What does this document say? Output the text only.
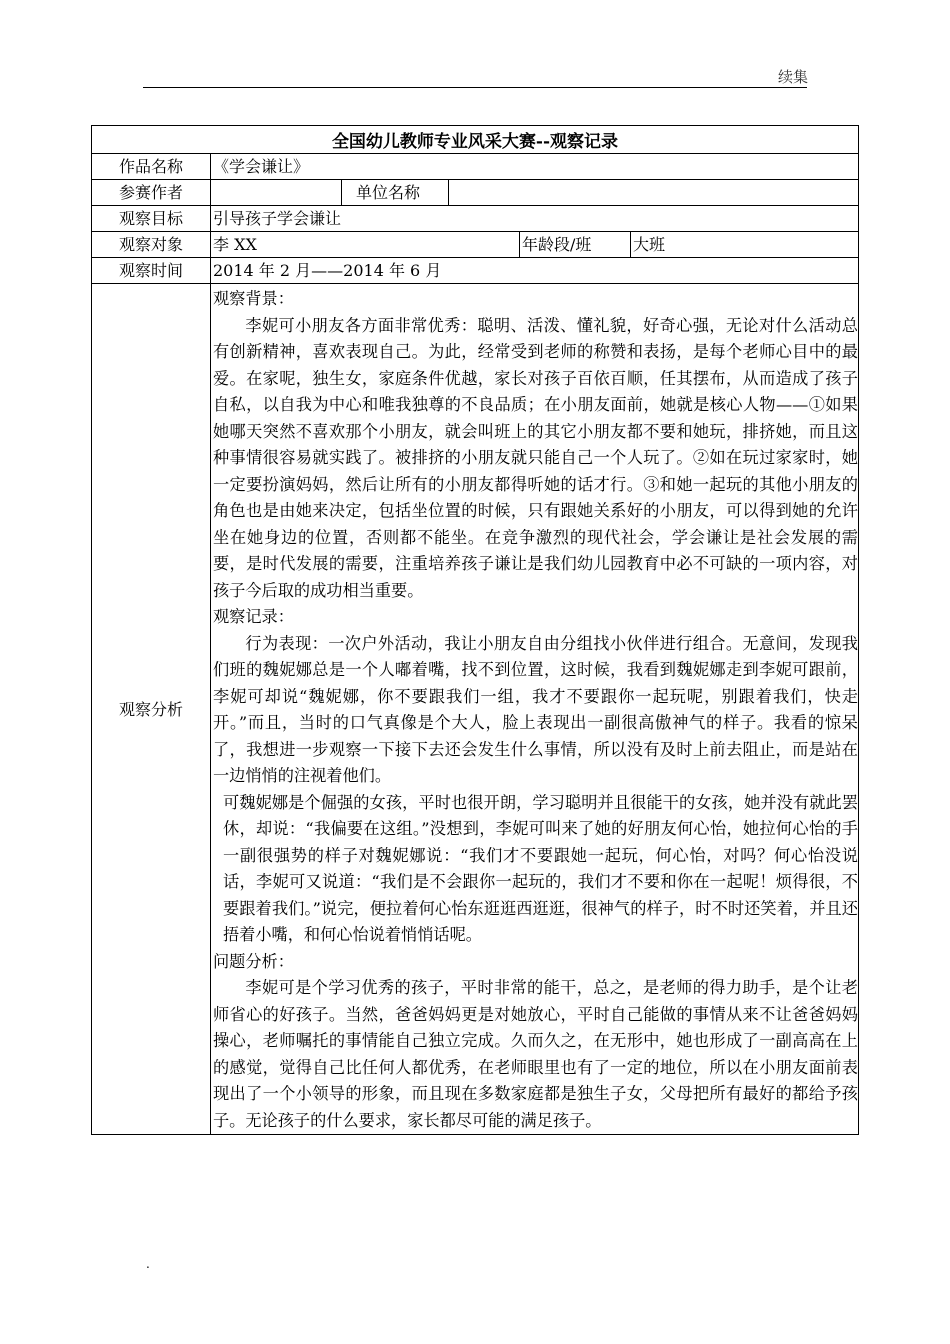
续集
全国幼儿教师专业风采大赛--观察记录
作品名称	《学会谦让》
参赛作者	单位名称
观察目标	引导孩子学会谦让
观察对象	李 XX	年龄段/班	大班
观察时间	2014 年 2 月——2014 年 6 月
观察分析

观察背景：

李妮可小朋友各方面非常优秀：聪明、活泼、懂礼貌，好奇心强，无论对什么活动总有创新精神，喜欢表现自己。为此，经常受到老师的称赞和表扬，是每个老师心目中的最爱。在家呢，独生女，家庭条件优越，家长对孩子百依百顺，任其摆布，从而造成了孩子自私，以自我为中心和唯我独尊的不良品质；在小朋友面前，她就是核心人物——①如果她哪天突然不喜欢那个小朋友，就会叫班上的其它小朋友都不要和她玩，排挤她，而且这种事情很容易就实践了。被排挤的小朋友就只能自己一个人玩了。②如在玩过家家时，她一定要扮演妈妈，然后让所有的小朋友都得听她的话才行。③和她一起玩的其他小朋友的角色也是由她来决定，包括坐位置的时候，只有跟她关系好的小朋友，可以得到她的允许坐在她身边的位置，否则都不能坐。在竞争激烈的现代社会，学会谦让是社会发展的需要，是时代发展的需要，注重培养孩子谦让是我们幼儿园教育中必不可缺的一项内容，对孩子今后取的成功相当重要。

观察记录：

行为表现：一次户外活动，我让小朋友自由分组找小伙伴进行组合。无意间，发现我们班的魏妮娜总是一个人嘟着嘴，找不到位置，这时候，我看到魏妮娜走到李妮可跟前，李妮可却说“魏妮娜，你不要跟我们一组，我才不要跟你一起玩呢，别跟着我们，快走开。”而且，当时的口气真像是个大人，脸上表现出一副很高傲神气的样子。我看的惊呆了，我想进一步观察一下接下去还会发生什么事情，所以没有及时上前去阻止，而是站在一边悄悄的注视着他们。

可魏妮娜是个倔强的女孩，平时也很开朗，学习聪明并且很能干的女孩，她并没有就此罢休，却说：“我偏要在这组。”没想到，李妮可叫来了她的好朋友何心怡，她拉何心怡的手一副很强势的样子对魏妮娜说：“我们才不要跟她一起玩，何心怡，对吗？何心怡没说话，李妮可又说道：“我们是不会跟你一起玩的，我们才不要和你在一起呢！烦得很，不要跟着我们。”说完，便拉着何心怡东逛逛西逛逛，很神气的样子，时不时还笑着，并且还捂着小嘴，和何心怡说着悄悄话呢。

问题分析：

李妮可是个学习优秀的孩子，平时非常的能干，总之，是老师的得力助手，是个让老师省心的好孩子。当然，爸爸妈妈更是对她放心，平时自己能做的事情从来不让爸爸妈妈操心，老师嘱托的事情能自己独立完成。久而久之，在无形中，她也形成了一副高高在上的感觉，觉得自己比任何人都优秀，在老师眼里也有了一定的地位，所以在小朋友面前表现出了一个小领导的形象，而且现在多数家庭都是独生子女，父母把所有最好的都给予孩子。无论孩子的什么要求，家长都尽可能的满足孩子。

.
